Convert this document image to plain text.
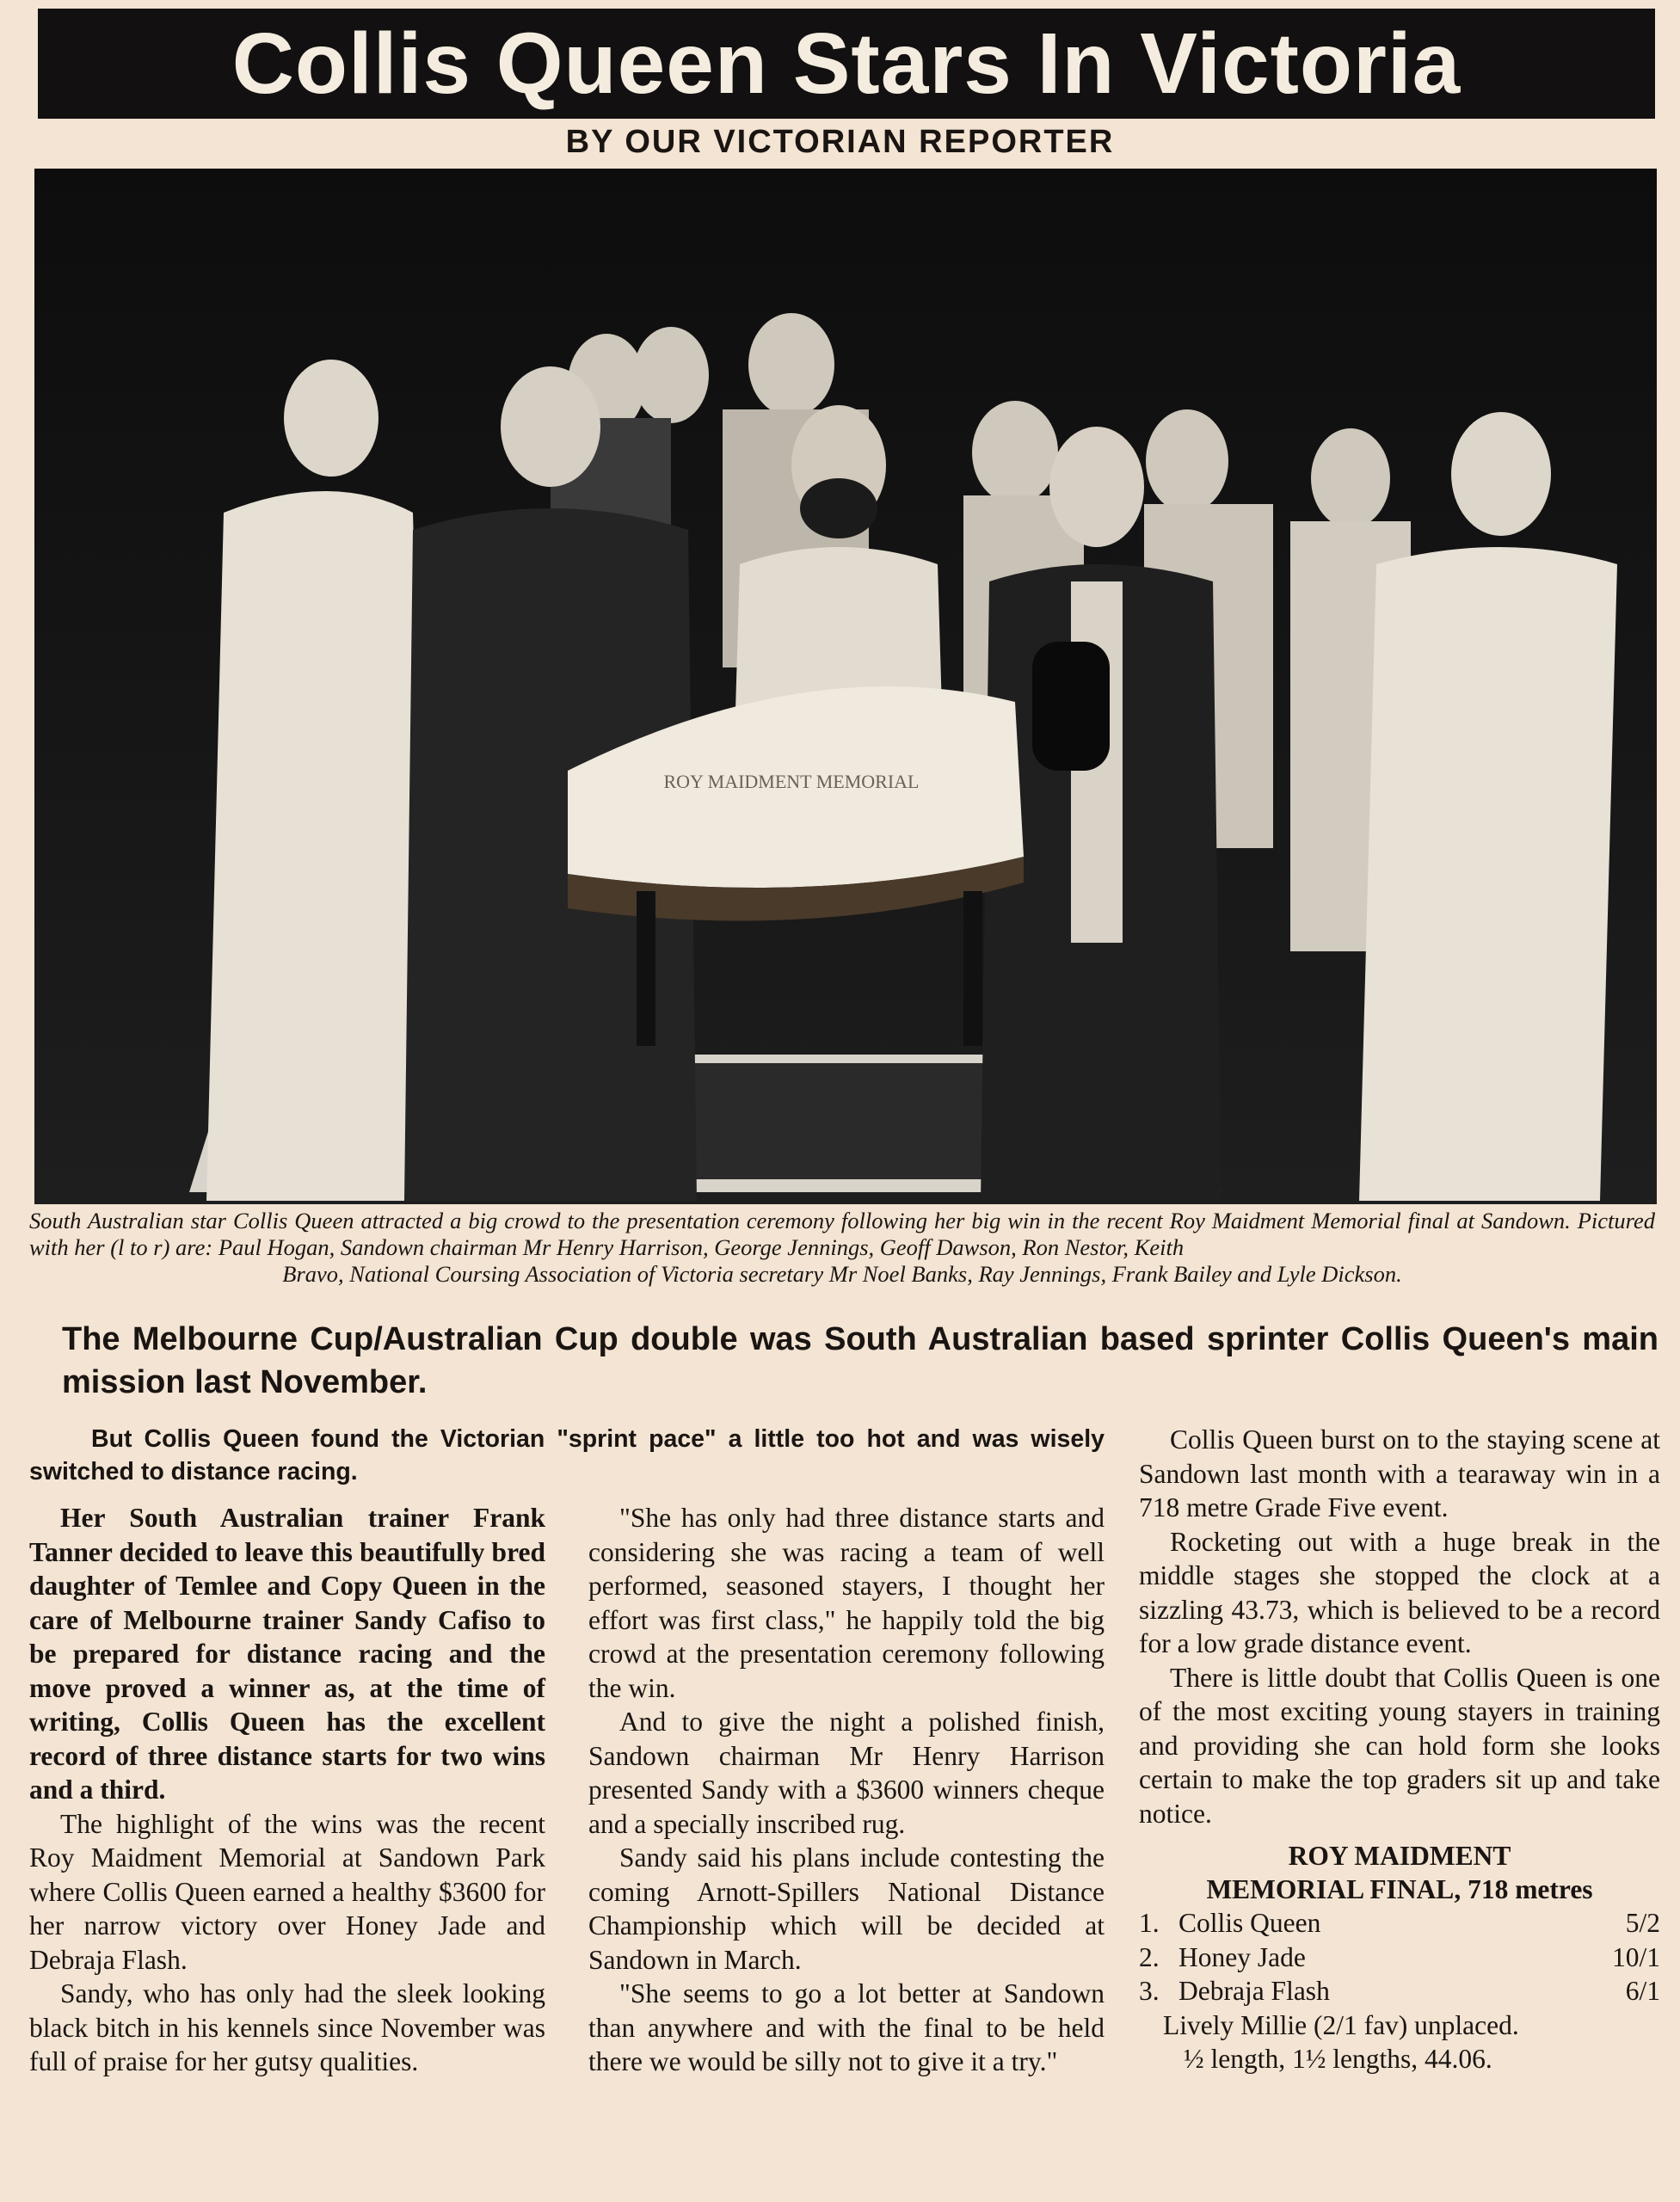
Collis Queen Stars In Victoria
BY OUR VICTORIAN REPORTER
ROY MAIDMENT MEMORIAL
South Australian star Collis Queen attracted a big crowd to the presentation ceremony following her big win in the recent Roy Maidment Memorial final at Sandown. Pictured with her (l to r) are: Paul Hogan, Sandown chairman Mr Henry Harrison, George Jennings, Geoff Dawson, Ron Nestor, Keith
Bravo, National Coursing Association of Victoria secretary Mr Noel Banks, Ray Jennings, Frank Bailey and Lyle Dickson.
The Melbourne Cup/Australian Cup double was South Australian based sprinter Collis Queen's main mission last November.
But Collis Queen found the Victorian "sprint pace" a little too hot and was wisely switched to distance racing.

Her South Australian trainer Frank Tanner decided to leave this beautifully bred daughter of Temlee and Copy Queen in the care of Melbourne trainer Sandy Cafiso to be prepared for distance racing and the move proved a winner as, at the time of writing, Collis Queen has the excellent record of three distance starts for two wins and a third.

The highlight of the wins was the recent Roy Maidment Memorial at Sandown Park where Collis Queen earned a healthy $3600 for her narrow victory over Honey Jade and Debraja Flash.

Sandy, who has only had the sleek looking black bitch in his kennels since November was full of praise for her gutsy qualities.

"She has only had three distance starts and considering she was racing a team of well performed, seasoned stayers, I thought her effort was first class," he happily told the big crowd at the presentation ceremony following the win.

And to give the night a polished finish, Sandown chairman Mr Henry Harrison presented Sandy with a $3600 winners cheque and a specially inscribed rug.

Sandy said his plans include contesting the coming Arnott-Spillers National Distance Championship which will be decided at Sandown in March.

"She seems to go a lot better at Sandown than anywhere and with the final to be held there we would be silly not to give it a try."

Collis Queen burst on to the staying scene at Sandown last month with a tearaway win in a 718 metre Grade Five event.

Rocketing out with a huge break in the middle stages she stopped the clock at a sizzling 43.73, which is believed to be a record for a low grade distance event.

There is little doubt that Collis Queen is one of the most exciting young stayers in training and providing she can hold form she looks certain to make the top graders sit up and take notice.

ROY MAIDMENT
MEMORIAL FINAL, 718 metres
1. Collis Queen	5/2
2. Honey Jade	10/1
3. Debraja Flash	6/1
Lively Millie (2/1 fav) unplaced.
½ length, 1½ lengths, 44.06.
